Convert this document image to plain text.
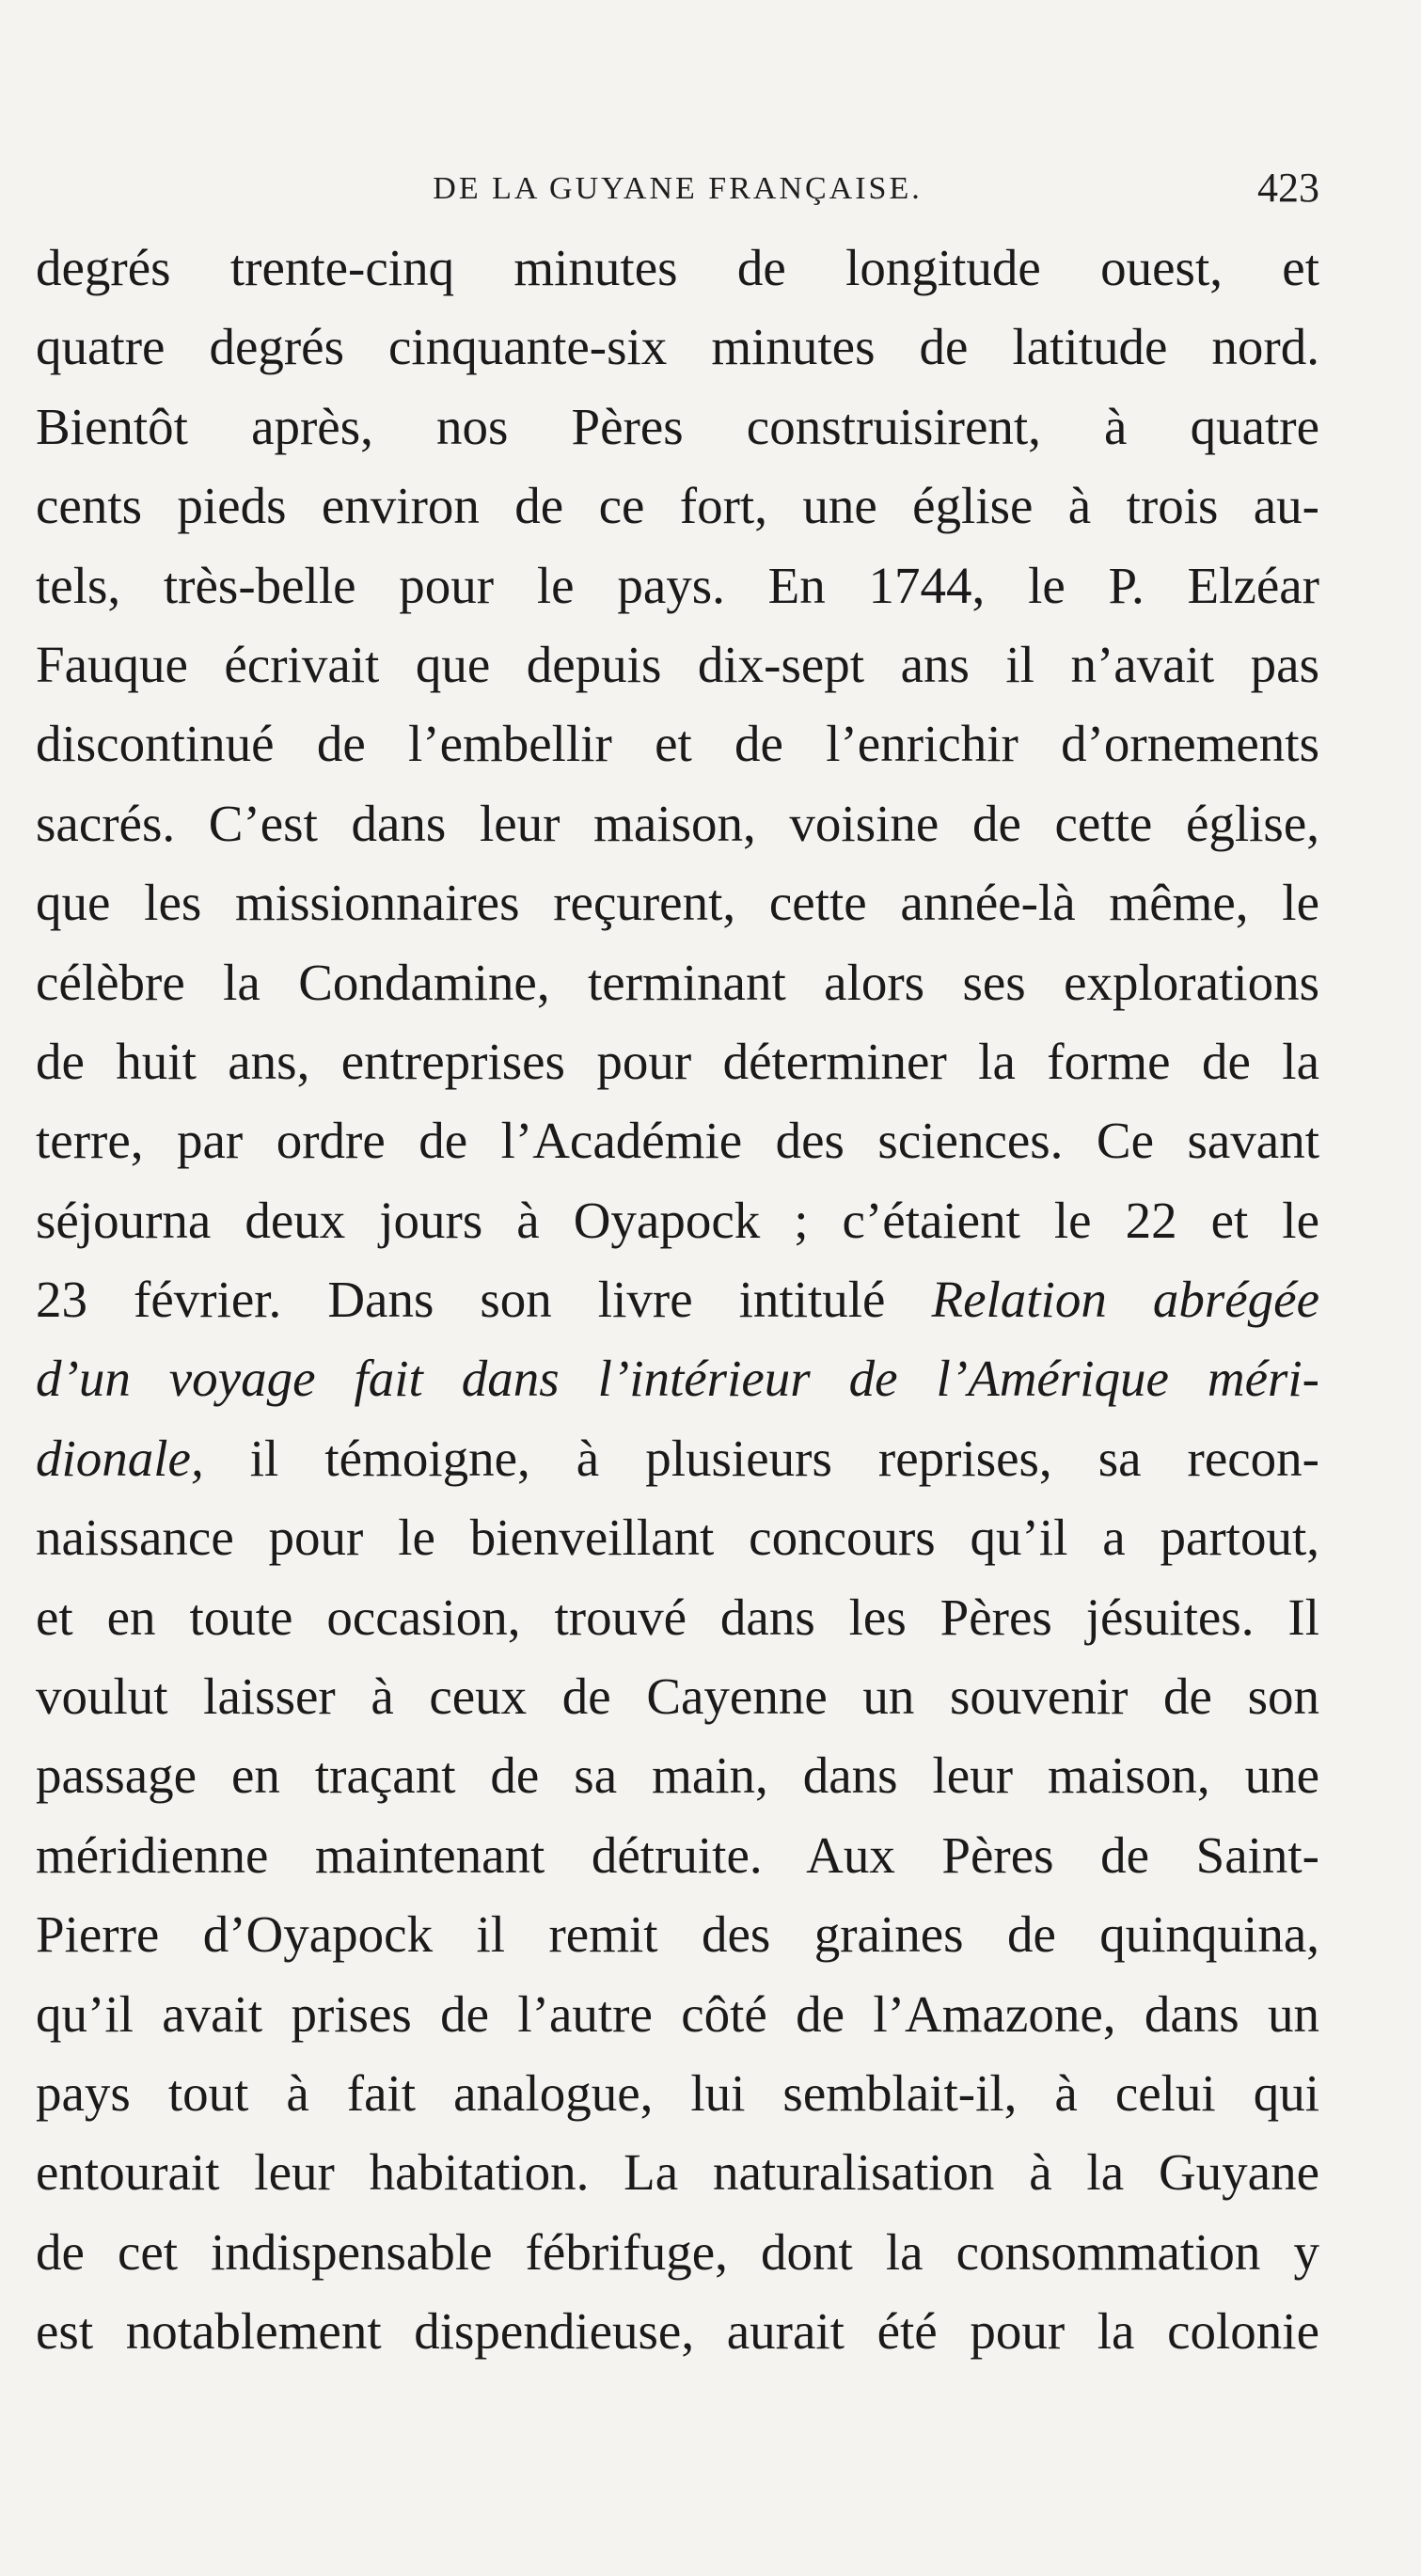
DE LA GUYANE FRANÇAISE.	423
degrés trente-cinq minutes de longitude ouest, et
quatre degrés cinquante-six minutes de latitude nord.
Bientôt après, nos Pères construisirent, à quatre
cents pieds environ de ce fort, une église à trois au-
tels, très-belle pour le pays. En 1744, le P. Elzéar
Fauque écrivait que depuis dix-sept ans il n’avait pas
discontinué de l’embellir et de l’enrichir d’ornements
sacrés. C’est dans leur maison, voisine de cette église,
que les missionnaires reçurent, cette année-là même, le
célèbre la Condamine, terminant alors ses explorations
de huit ans, entreprises pour déterminer la forme de la
terre, par ordre de l’Académie des sciences. Ce savant
séjourna deux jours à Oyapock ; c’étaient le 22 et le
23 février. Dans son livre intitulé Relation abrégée
d’un voyage fait dans l’intérieur de l’Amérique méri-
dionale, il témoigne, à plusieurs reprises, sa recon-
naissance pour le bienveillant concours qu’il a partout,
et en toute occasion, trouvé dans les Pères jésuites. Il
voulut laisser à ceux de Cayenne un souvenir de son
passage en traçant de sa main, dans leur maison, une
méridienne maintenant détruite. Aux Pères de Saint-
Pierre d’Oyapock il remit des graines de quinquina,
qu’il avait prises de l’autre côté de l’Amazone, dans un
pays tout à fait analogue, lui semblait-il, à celui qui
entourait leur habitation. La naturalisation à la Guyane
de cet indispensable fébrifuge, dont la consommation y
est notablement dispendieuse, aurait été pour la colonie
